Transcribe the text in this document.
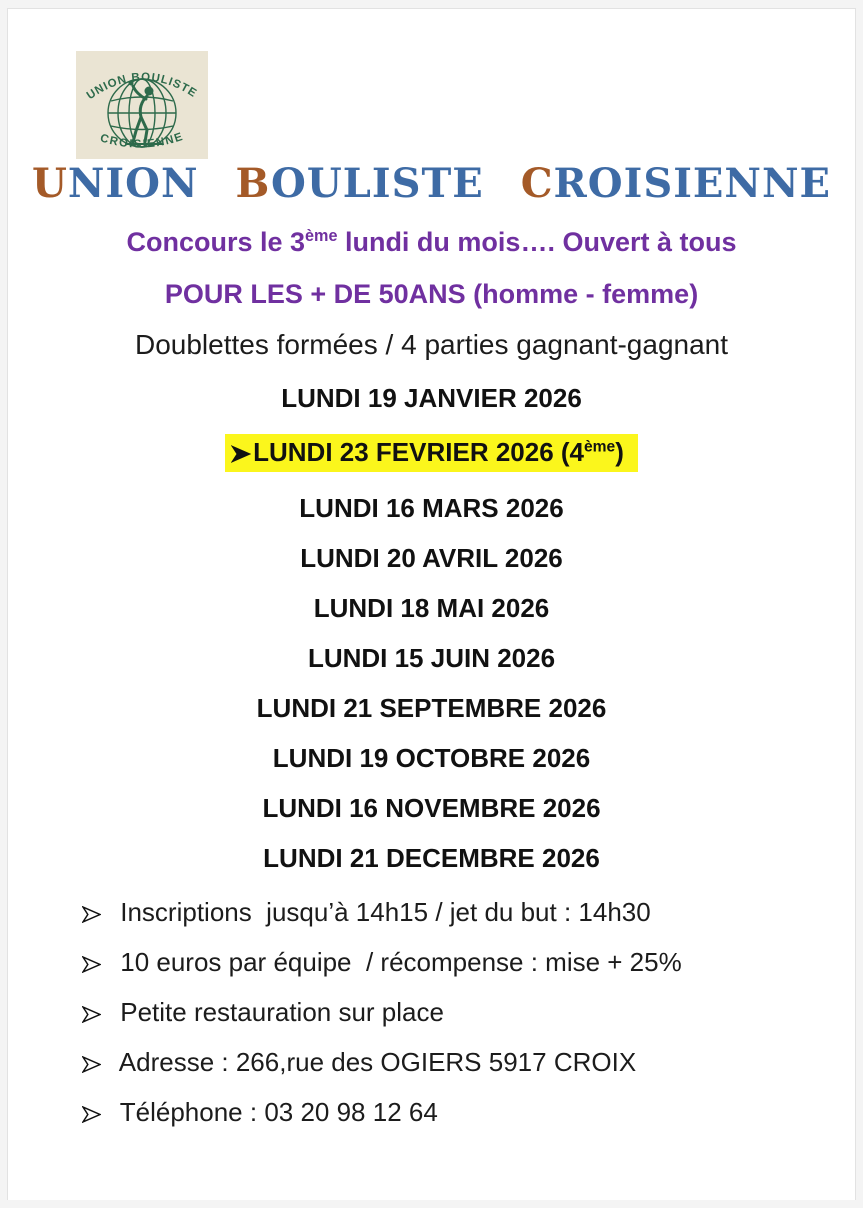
UNION BOULISTE
CROISIENNE
UNION BOULISTE CROISIENNE

Concours le 3ème lundi du mois…. Ouvert à tous

POUR LES + DE 50ANS (homme - femme)

Doublettes formées / 4 parties gagnant-gagnant

LUNDI 19 JANVIER 2026

LUNDI 23 FEVRIER 2026 (4ème)

LUNDI 16 MARS 2026

LUNDI 20 AVRIL 2026

LUNDI 18 MAI 2026

LUNDI 15 JUIN 2026

LUNDI 21 SEPTEMBRE 2026

LUNDI 19 OCTOBRE 2026

LUNDI 16 NOVEMBRE 2026

LUNDI 21 DECEMBRE 2026

Inscriptions  jusqu’à 14h15 / jet du but : 14h30
10 euros par équipe  / récompense : mise + 25%
Petite restauration sur place
Adresse : 266,rue des OGIERS 5917 CROIX
Téléphone : 03 20 98 12 64
